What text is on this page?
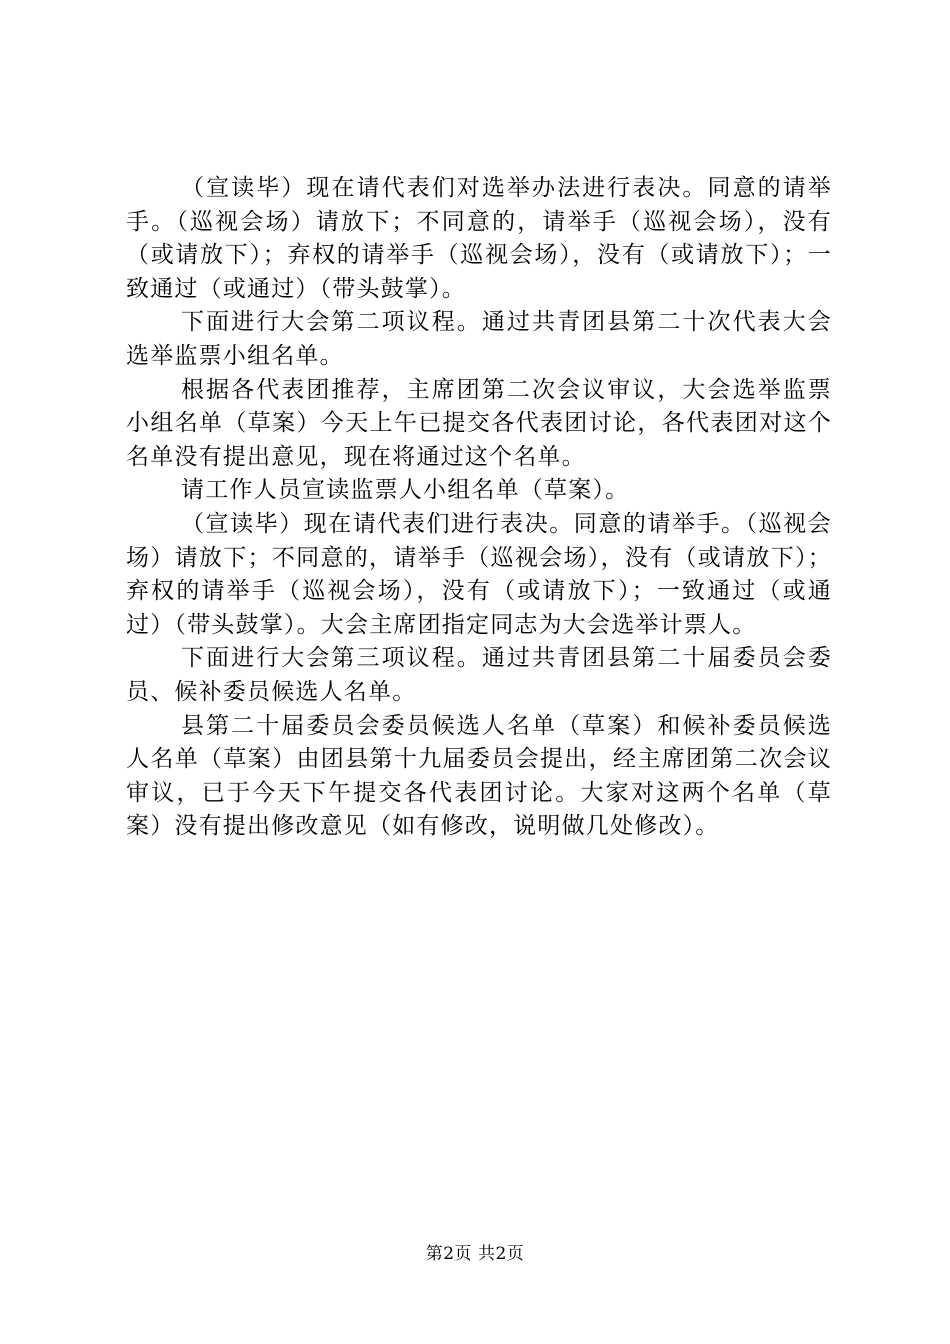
（宣读毕）现在请代表们对选举办法进行表决。同意的请举手。（巡视会场）请放下；不同意的，请举手（巡视会场），没有（或请放下）；弃权的请举手（巡视会场），没有（或请放下）；一致通过（或通过）（带头鼓掌）。

下面进行大会第二项议程。通过共青团县第二十次代表大会选举监票小组名单。

根据各代表团推荐，主席团第二次会议审议，大会选举监票小组名单（草案）今天上午已提交各代表团讨论，各代表团对这个名单没有提出意见，现在将通过这个名单。

请工作人员宣读监票人小组名单（草案）。

（宣读毕）现在请代表们进行表决。同意的请举手。（巡视会场）请放下；不同意的，请举手（巡视会场），没有（或请放下）；弃权的请举手（巡视会场），没有（或请放下）；一致通过（或通过）（带头鼓掌）。大会主席团指定同志为大会选举计票人。

下面进行大会第三项议程。通过共青团县第二十届委员会委员、候补委员候选人名单。

县第二十届委员会委员候选人名单（草案）和候补委员候选人名单（草案）由团县第十九届委员会提出，经主席团第二次会议审议，已于今天下午提交各代表团讨论。大家对这两个名单（草案）没有提出修改意见（如有修改，说明做几处修改）。

第2页 共2页
